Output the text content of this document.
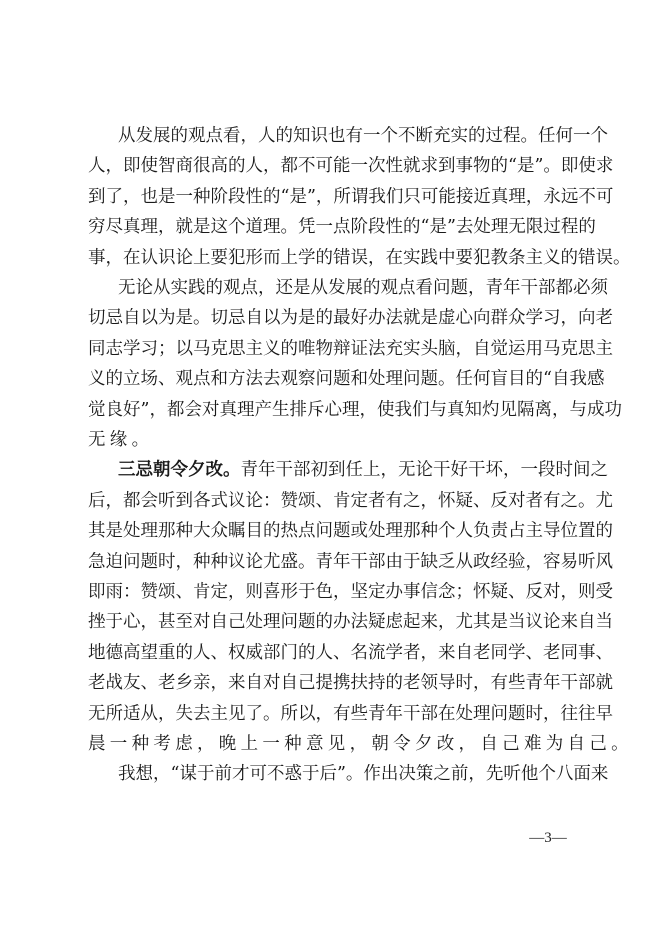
从 发 展 的 观 点 看 ， 人 的 知 识 也 有 一 个 不 断 充 实 的 过 程 。 任 何 一 个
人 ， 即 使 智 商 很 高 的 人 ， 都 不 可 能 一 次 性 就 求 到 事 物 的 “ 是 ” 。 即 使 求
到 了 ， 也 是 一 种 阶 段 性 的 “ 是 ” ， 所 谓 我 们 只 可 能 接 近 真 理 ， 永 远 不 可
穷 尽 真 理 ， 就 是 这 个 道 理 。 凭 一 点 阶 段 性 的 “ 是 ” 去 处 理 无 限 过 程 的
事 ， 在 认 识 论 上 要 犯 形 而 上 学 的 错 误 ， 在 实 践 中 要 犯 教 条 主 义 的 错 误 。
无 论 从 实 践 的 观 点 ， 还 是 从 发 展 的 观 点 看 问 题 ， 青 年 干 部 都 必 须
切 忌 自 以 为 是 。 切 忌 自 以 为 是 的 最 好 办 法 就 是 虚 心 向 群 众 学 习 ， 向 老
同 志 学 习 ； 以 马 克 思 主 义 的 唯 物 辩 证 法 充 实 头 脑 ， 自 觉 运 用 马 克 思 主
义 的 立 场 、 观 点 和 方 法 去 观 察 问 题 和 处 理 问 题 。 任 何 盲 目 的 “ 自 我 感
觉 良 好 ” ， 都 会 对 真 理 产 生 排 斥 心 理 ， 使 我 们 与 真 知 灼 见 隔 离 ， 与 成 功
无 缘 。
三 忌 朝 令 夕 改 。 青 年 干 部 初 到 任 上 ， 无 论 干 好 干 坏 ， 一 段 时 间 之
后 ， 都 会 听 到 各 式 议 论 ： 赞 颂 、 肯 定 者 有 之 ， 怀 疑 、 反 对 者 有 之 。 尤
其 是 处 理 那 种 大 众 瞩 目 的 热 点 问 题 或 处 理 那 种 个 人 负 责 占 主 导 位 置 的
急 迫 问 题 时 ， 种 种 议 论 尤 盛 。 青 年 干 部 由 于 缺 乏 从 政 经 验 ， 容 易 听 风
即 雨 ： 赞 颂 、 肯 定 ， 则 喜 形 于 色 ， 坚 定 办 事 信 念 ； 怀 疑 、 反 对 ， 则 受
挫 于 心 ， 甚 至 对 自 己 处 理 问 题 的 办 法 疑 虑 起 来 ， 尤 其 是 当 议 论 来 自 当
地 德 高 望 重 的 人 、 权 威 部 门 的 人 、 名 流 学 者 ， 来 自 老 同 学 、 老 同 事 、
老 战 友 、 老 乡 亲 ， 来 自 对 自 己 提 携 扶 持 的 老 领 导 时 ， 有 些 青 年 干 部 就
无 所 适 从 ， 失 去 主 见 了 。 所 以 ， 有 些 青 年 干 部 在 处 理 问 题 时 ， 往 往 早
晨 一 种 考 虑 ， 晚 上 一 种 意 见 ， 朝 令 夕 改 ， 自 己 难 为 自 己 。
我 想 ， “ 谋 于 前 才 可 不 惑 于 后 ” 。 作 出 决 策 之 前 ， 先 听 他 个 八 面 来
—3—
